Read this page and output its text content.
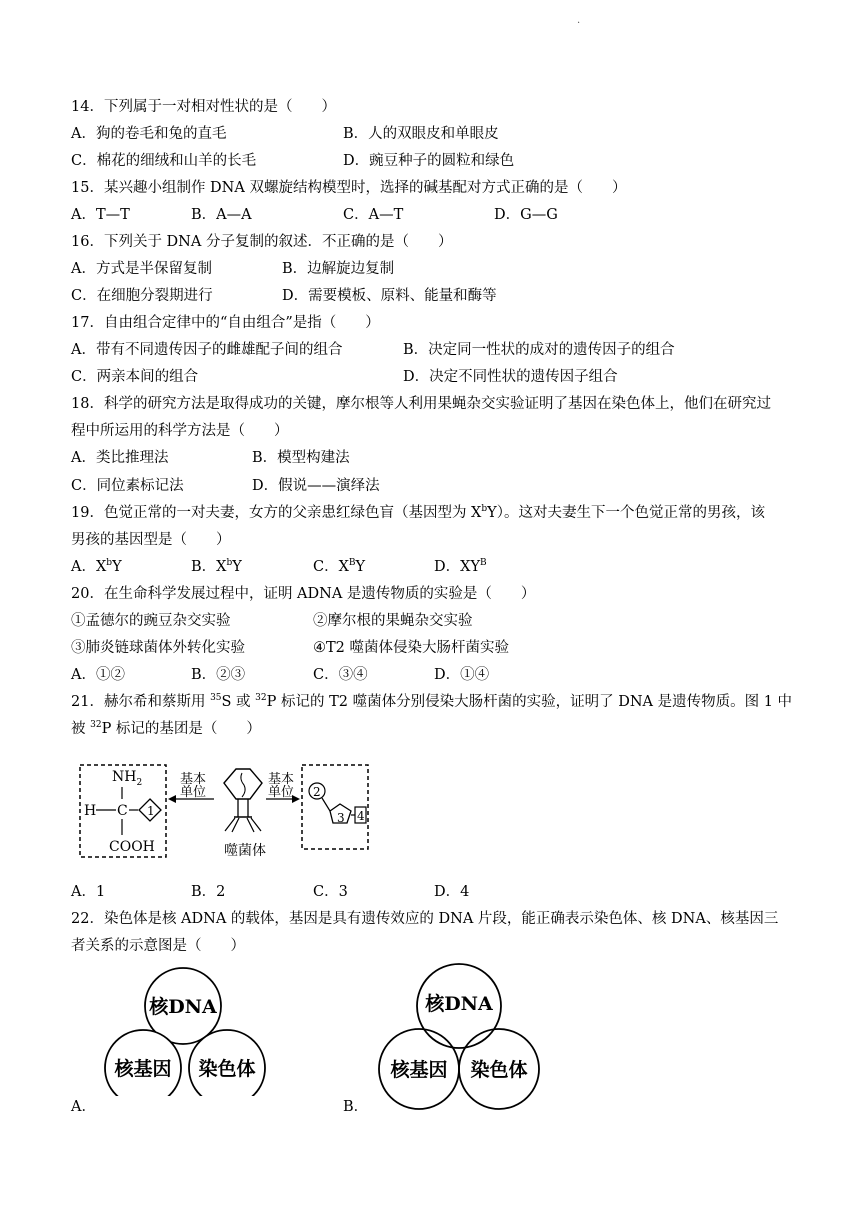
.
14．下列属于一对相对性状的是（　　）
A．狗的卷毛和兔的直毛	B．人的双眼皮和单眼皮
C．棉花的细绒和山羊的长毛	D．豌豆种子的圆粒和绿色
15．某兴趣小组制作 DNA 双螺旋结构模型时，选择的碱基配对方式正确的是（　　）
A．T—T	B．A—A	C．A—T	D．G—G
16．下列关于 DNA 分子复制的叙述．不正确的是（　　）
A．方式是半保留复制	B．边解旋边复制
C．在细胞分裂期进行	D．需要模板、原料、能量和酶等
17．自由组合定律中的“自由组合”是指（　　）
A．带有不同遗传因子的雌雄配子间的组合	B．决定同一性状的成对的遗传因子的组合
C．两亲本间的组合	D．决定不同性状的遗传因子组合
18．科学的研究方法是取得成功的关键，摩尔根等人利用果蝇杂交实验证明了基因在染色体上，他们在研究过
程中所运用的科学方法是（　　）
A．类比推理法	B．模型构建法
C．同位素标记法	D．假说——演绎法
19．色觉正常的一对夫妻，女方的父亲患红绿色盲（基因型为 $X^bY$）。这对夫妻生下一个色觉正常的男孩，该
男孩的基因型是（　　）
A．$X^bY$	B．$X^bY$	C．$X^BY$	D．$XY^B$
20．在生命科学发展过程中，证明 ADNA 是遗传物质的实验是（　　）
①孟德尔的豌豆杂交实验	②摩尔根的果蝇杂交实验
③肺炎链球菌体外转化实验	④T2 噬菌体侵染大肠杆菌实验
A．①②	B．②③	C．③④	D．①④
21．赫尔希和蔡斯用 $^{35}$S 或 $^{32}$P 标记的 T2 噬菌体分别侵染大肠杆菌的实验，证明了 DNA 是遗传物质。图 1 中
被 $^{32}$P 标记的基团是（　　）
$NH_2$
H C 1
COOH
基本
单位
噬菌体
基本
单位 2
3 4
A．1	B．2	C．3	D．4
22．染色体是核 ADNA 的载体，基因是具有遗传效应的 DNA 片段，能正确表示染色体、核 DNA、核基因三
者关系的示意图是（　　）
核DNA
核基因 染色体
核DNA
核基因 染色体
A．	B．
